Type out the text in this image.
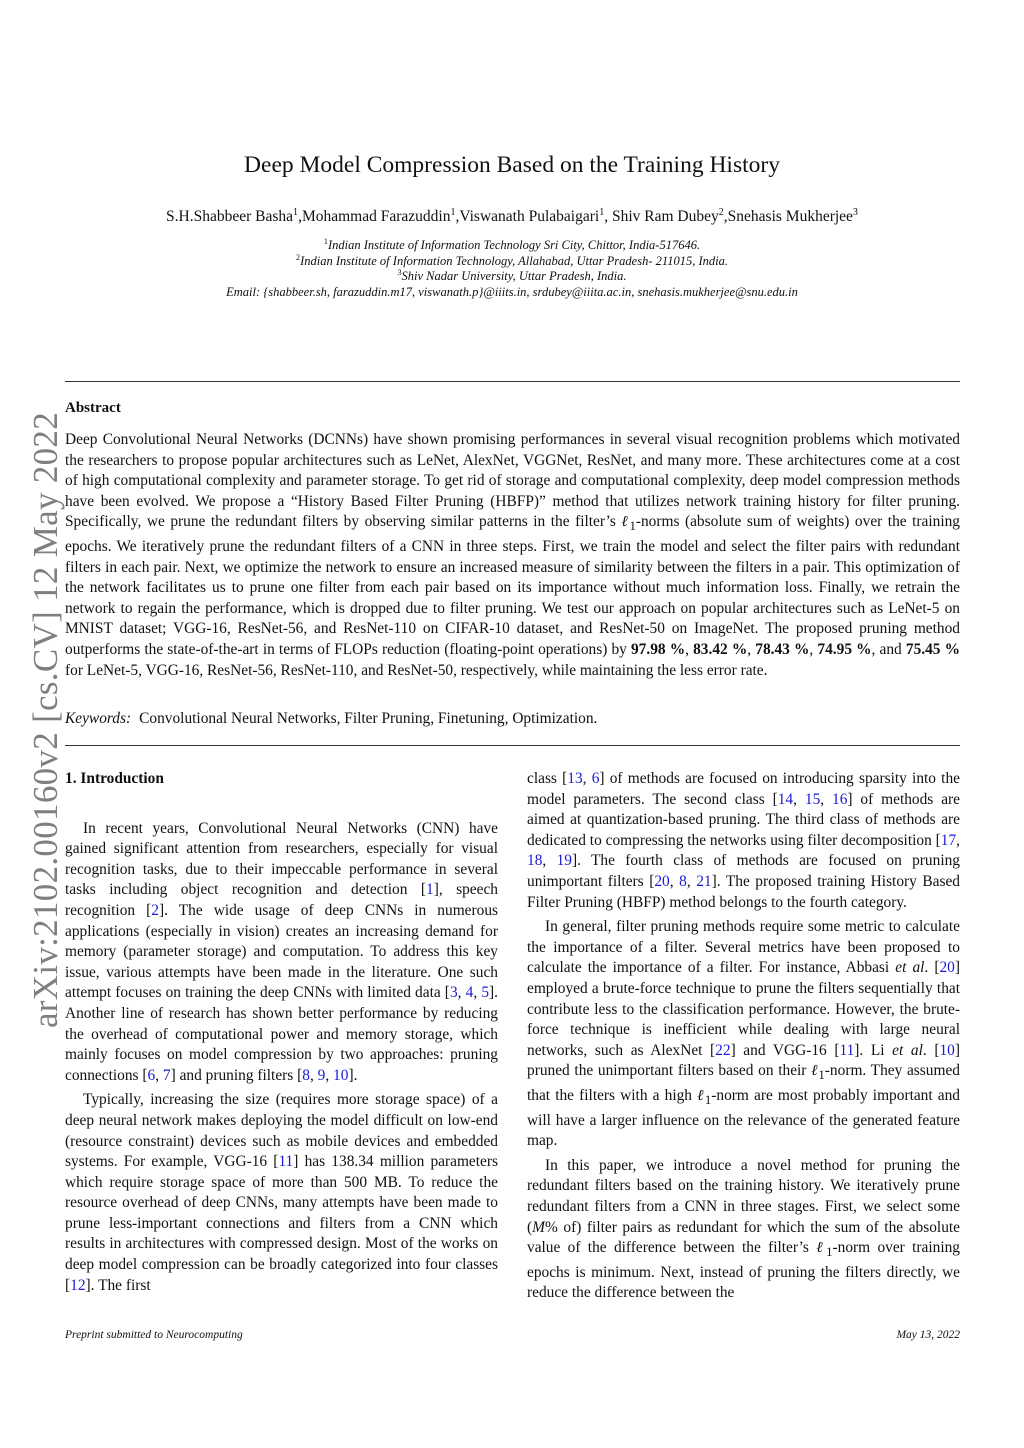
arXiv:2102.00160v2 [cs.CV] 12 May 2022
Deep Model Compression Based on the Training History
S.H.Shabbeer Basha$^1$,Mohammad Farazuddin$^1$,Viswanath Pulabaigari$^1$, Shiv Ram Dubey$^2$,Snehasis Mukherjee$^3$
$^1$Indian Institute of Information Technology Sri City, Chittor, India-517646.
$^2$Indian Institute of Information Technology, Allahabad, Uttar Pradesh- 211015, India.
$^3$Shiv Nadar University, Uttar Pradesh, India.
Email: {shabbeer.sh, farazuddin.m17, viswanath.p}@iiits.in, srdubey@iiita.ac.in, snehasis.mukherjee@snu.edu.in
Abstract
Deep Convolutional Neural Networks (DCNNs) have shown promising performances in several visual recognition problems which motivated the researchers to propose popular architectures such as LeNet, AlexNet, VGGNet, ResNet, and many more. These architectures come at a cost of high computational complexity and parameter storage. To get rid of storage and computational complexity, deep model compression methods have been evolved. We propose a “History Based Filter Pruning (HBFP)” method that utilizes network training history for filter pruning. Specifically, we prune the redundant filters by observing similar patterns in the filter’s ℓ$_1$-norms (absolute sum of weights) over the training epochs. We iteratively prune the redundant filters of a CNN in three steps. First, we train the model and select the filter pairs with redundant filters in each pair. Next, we optimize the network to ensure an increased measure of similarity between the filters in a pair. This optimization of the network facilitates us to prune one filter from each pair based on its importance without much information loss. Finally, we retrain the network to regain the performance, which is dropped due to filter pruning. We test our approach on popular architectures such as LeNet-5 on MNIST dataset; VGG-16, ResNet-56, and ResNet-110 on CIFAR-10 dataset, and ResNet-50 on ImageNet. The proposed pruning method outperforms the state-of-the-art in terms of FLOPs reduction (floating-point operations) by 97.98 %, 83.42 %, 78.43 %, 74.95 %, and 75.45 % for LeNet-5, VGG-16, ResNet-56, ResNet-110, and ResNet-50, respectively, while maintaining the less error rate.
Keywords: Convolutional Neural Networks, Filter Pruning, Finetuning, Optimization.
1. Introduction

In recent years, Convolutional Neural Networks (CNN) have gained significant attention from researchers, especially for visual recognition tasks, due to their impeccable performance in several tasks including object recognition and detection [1], speech recognition [2]. The wide usage of deep CNNs in numerous applications (especially in vision) creates an increasing demand for memory (parameter storage) and computation. To address this key issue, various attempts have been made in the literature. One such attempt focuses on training the deep CNNs with limited data [3, 4, 5]. Another line of research has shown better performance by reducing the overhead of computational power and memory storage, which mainly focuses on model compression by two approaches: pruning connections [6, 7] and pruning filters [8, 9, 10].

Typically, increasing the size (requires more storage space) of a deep neural network makes deploying the model difficult on low-end (resource constraint) devices such as mobile devices and embedded systems. For example, VGG-16 [11] has 138.34 million parameters which require storage space of more than 500 MB. To reduce the resource overhead of deep CNNs, many attempts have been made to prune less-important connections and filters from a CNN which results in architectures with compressed design. Most of the works on deep model compression can be broadly categorized into four classes [12]. The first

class [13, 6] of methods are focused on introducing sparsity into the model parameters. The second class [14, 15, 16] of methods are aimed at quantization-based pruning. The third class of methods are dedicated to compressing the networks using filter decomposition [17, 18, 19]. The fourth class of methods are focused on pruning unimportant filters [20, 8, 21]. The proposed training History Based Filter Pruning (HBFP) method belongs to the fourth category.

In general, filter pruning methods require some metric to calculate the importance of a filter. Several metrics have been proposed to calculate the importance of a filter. For instance, Abbasi et al. [20] employed a brute-force technique to prune the filters sequentially that contribute less to the classification performance. However, the brute-force technique is inefficient while dealing with large neural networks, such as AlexNet [22] and VGG-16 [11]. Li et al. [10] pruned the unimportant filters based on their ℓ$_1$-norm. They assumed that the filters with a high ℓ$_1$-norm are most probably important and will have a larger influence on the relevance of the generated feature map.

In this paper, we introduce a novel method for pruning the redundant filters based on the training history. We iteratively prune redundant filters from a CNN in three stages. First, we select some (M% of) filter pairs as redundant for which the sum of the absolute value of the difference between the filter’s ℓ$_1$-norm over training epochs is minimum. Next, instead of pruning the filters directly, we reduce the difference between the

Preprint submitted to Neurocomputing	May 13, 2022
